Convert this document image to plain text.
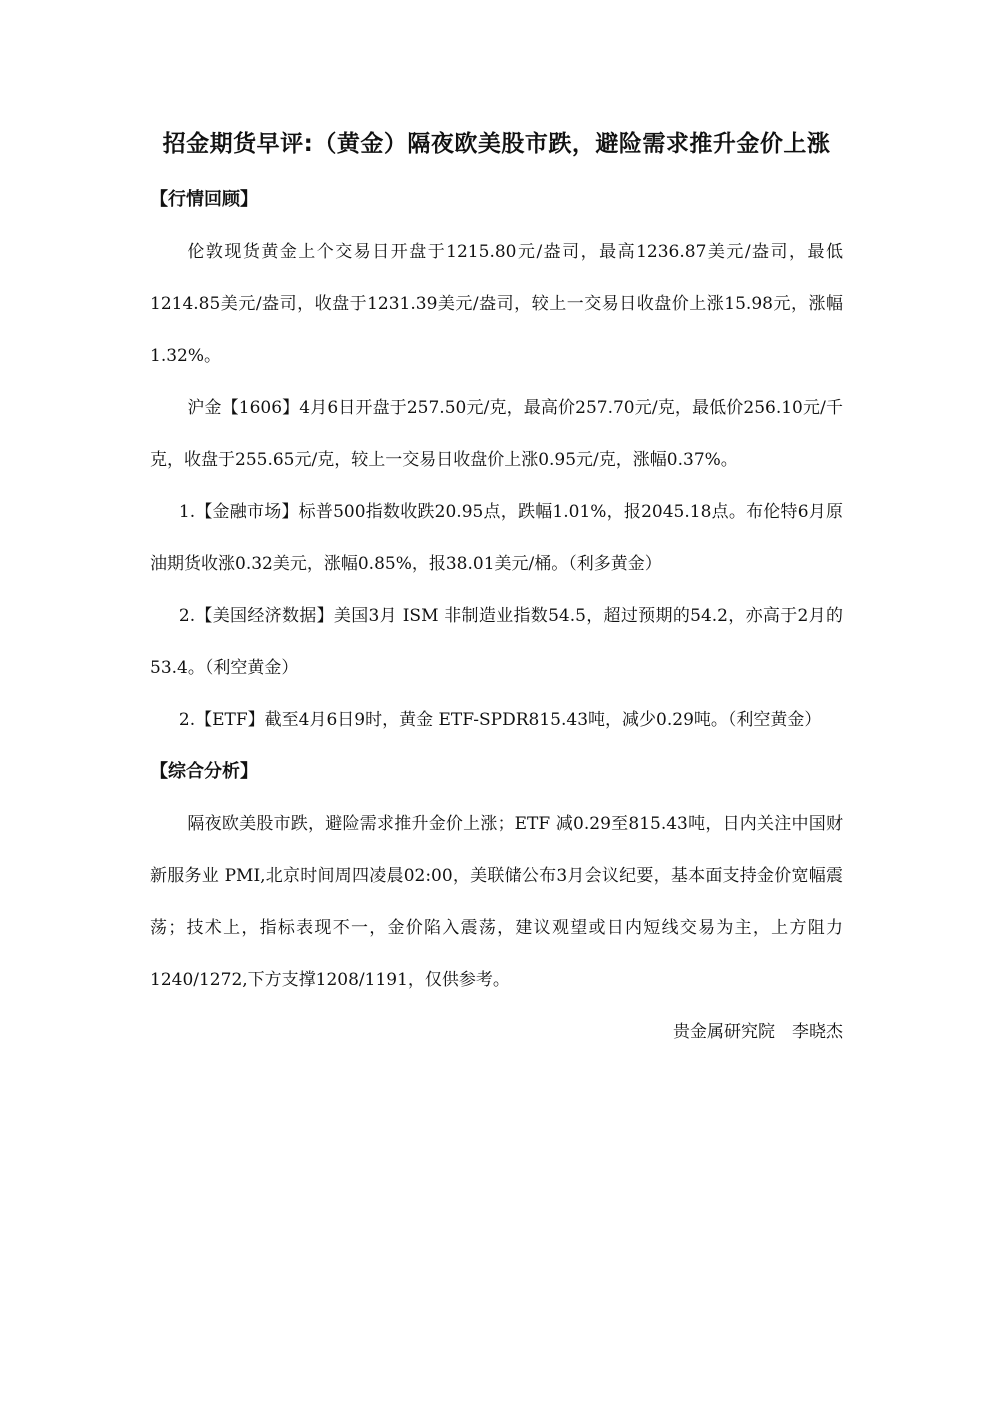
招金期货早评:（黄金）隔夜欧美股市跌，避险需求推升金价上涨
【行情回顾】

伦敦现货黄金上个交易日开盘于1215.80元/盎司，最高1236.87美元/盎司，最低1214.85美元/盎司，收盘于1231.39美元/盎司，较上一交易日收盘价上涨15.98元，涨幅1.32%。

沪金【1606】4月6日开盘于257.50元/克，最高价257.70元/克，最低价256.10元/千克，收盘于255.65元/克，较上一交易日收盘价上涨0.95元/克，涨幅0.37%。

1.【金融市场】标普500指数收跌20.95点，跌幅1.01%，报2045.18点。布伦特6月原油期货收涨0.32美元，涨幅0.85%，报38.01美元/桶。（利多黄金）

2.【美国经济数据】美国3月 ISM 非制造业指数54.5，超过预期的54.2，亦高于2月的53.4。（利空黄金）

2.【ETF】截至4月6日9时，黄金 ETF-SPDR815.43吨，减少0.29吨。（利空黄金）

【综合分析】

隔夜欧美股市跌，避险需求推升金价上涨；ETF 减0.29至815.43吨，日内关注中国财新服务业 PMI,北京时间周四凌晨02:00，美联储公布3月会议纪要，基本面支持金价宽幅震荡；技术上，指标表现不一，金价陷入震荡，建议观望或日内短线交易为主，上方阻力1240/1272,下方支撑1208/1191，仅供参考。

贵金属研究院　李晓杰
